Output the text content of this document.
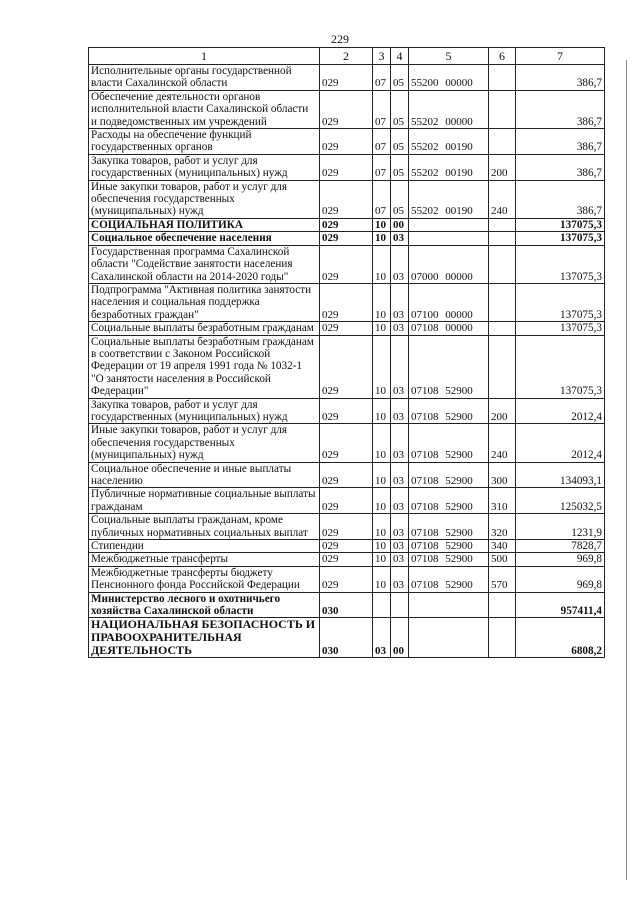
229
1	2	3	4	5	6	7
Исполнительные органы государственной власти Сахалинской области	029	07	05	55200 00000		386,7
Обеспечение деятельности органов исполнительной власти Сахалинской области и подведомственных им учреждений	029	07	05	55202 00000		386,7
Расходы на обеспечение функций государственных органов	029	07	05	55202 00190		386,7
Закупка товаров, работ и услуг для государственных (муниципальных) нужд	029	07	05	55202 00190	200	386,7
Иные закупки товаров, работ и услуг для обеспечения государственных (муниципальных) нужд	029	07	05	55202 00190	240	386,7
СОЦИАЛЬНАЯ ПОЛИТИКА	029	10	00			137075,3
Социальное обеспечение населения	029	10	03			137075,3
Государственная программа Сахалинской области "Содействие занятости населения Сахалинской области на 2014-2020 годы"	029	10	03	07000 00000		137075,3
Подпрограмма "Активная политика занятости населения и социальная поддержка безработных граждан"	029	10	03	07100 00000		137075,3
Социальные выплаты безработным гражданам	029	10	03	07108 00000		137075,3
Социальные выплаты безработным гражданам в соответствии с Законом Российской Федерации от 19 апреля 1991 года № 1032-1 "О занятости населения в Российской Федерации"	029	10	03	07108 52900		137075,3
Закупка товаров, работ и услуг для государственных (муниципальных) нужд	029	10	03	07108 52900	200	2012,4
Иные закупки товаров, работ и услуг для обеспечения государственных (муниципальных) нужд	029	10	03	07108 52900	240	2012,4
Социальное обеспечение и иные выплаты населению	029	10	03	07108 52900	300	134093,1
Публичные нормативные социальные выплаты гражданам	029	10	03	07108 52900	310	125032,5
Социальные выплаты гражданам, кроме публичных нормативных социальных выплат	029	10	03	07108 52900	320	1231,9
Стипендии	029	10	03	07108 52900	340	7828,7
Межбюджетные трансферты	029	10	03	07108 52900	500	969,8
Межбюджетные трансферты бюджету Пенсионного фонда Российской Федерации	029	10	03	07108 52900	570	969,8
Министерство лесного и охотничьего хозяйства Сахалинской области	030					957411,4
НАЦИОНАЛЬНАЯ БЕЗОПАСНОСТЬ И ПРАВООХРАНИТЕЛЬНАЯ ДЕЯТЕЛЬНОСТЬ	030	03	00			6808,2
